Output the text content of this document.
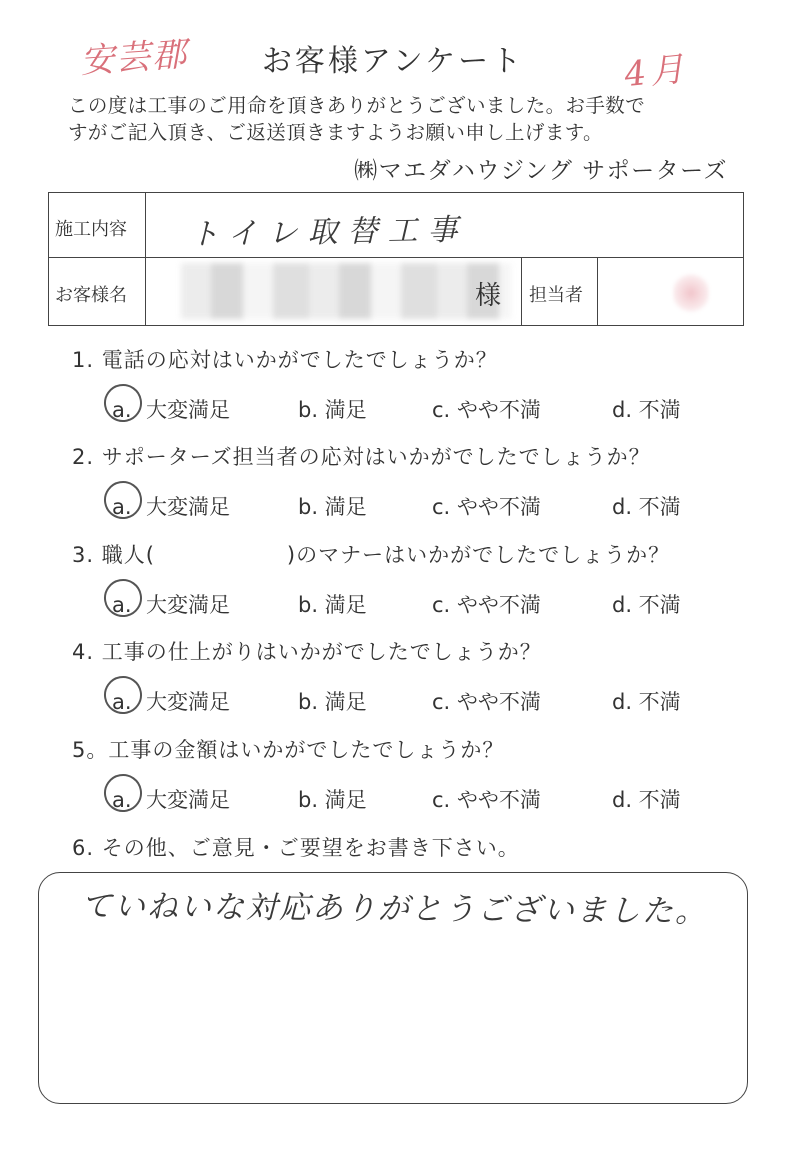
安芸郡	お客様アンケート	4月
この度は工事のご用命を頂きありがとうございました。お手数で
すがご記入頂き、ご返送頂きますようお願い申し上げます。
㈱マエダハウジング サポーターズ
施工内容 トイレ取替工事
お客様名	様 担当者
1. 電話の応対はいかがでしたでしょうか？
a. 大変満足	b. 満足	c. やや不満	d. 不満
2. サポーターズ担当者の応対はいかがでしたでしょうか？
a. 大変満足	b. 満足	c. やや不満	d. 不満
3. 職人(　　　　　　)のマナーはいかがでしたでしょうか？
a. 大変満足	b. 満足	c. やや不満	d. 不満
4. 工事の仕上がりはいかがでしたでしょうか？
a. 大変満足	b. 満足	c. やや不満	d. 不満
5。工事の金額はいかがでしたでしょうか？
a. 大変満足	b. 満足	c. やや不満	d. 不満
6. その他、ご意見・ご要望をお書き下さい。
ていねいな対応ありがとうございました。
